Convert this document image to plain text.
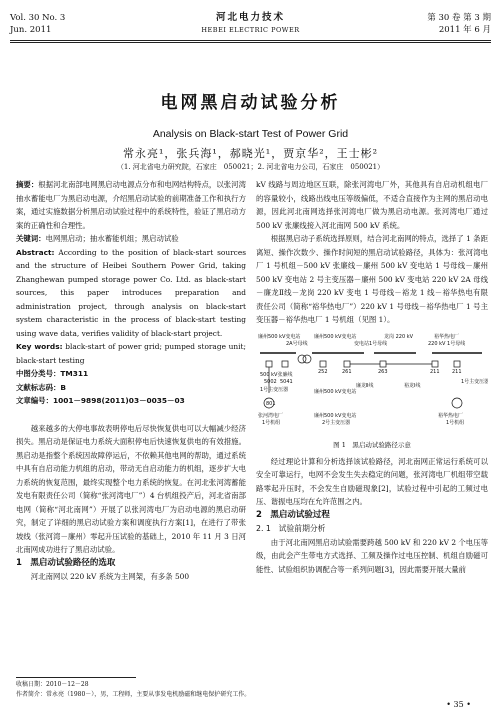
Vol. 30 No. 3
Jun. 2011
河北电力技术
HEBEI ELECTRIC POWER
第 30 卷 第 3 期
2011 年 6 月
电网黑启动试验分析
Analysis on Black-start Test of Power Grid
常永亮¹，张兵海¹，郝晓光¹，贾京华²，王士彬²
（1. 河北省电力研究院，石家庄　050021；2. 河北省电力公司，石家庄　050021）

摘要：根据河北南部电网黑启动电源点分布和电网结构特点，以张河湾抽水蓄能电厂为黑启动电源，介绍黑启动试验的前期准备工作和执行方案，通过实施数据分析黑启动试验过程中的系统特性，验证了黑启动方案的正确性和合理性。

关键词：电网黑启动；抽水蓄能机组；黑启动试验

Abstract: According to the position of black-start sources and the structure of Heibei Southern Power Grid, taking Zhanghewan pumped storage power Co. Ltd. as black-start sources, this paper introduces preparation and administration project, through analysis on black-start system characteristic in the process of black-start testing using wave data, verifies validity of black-start project.

Key words: black-start of power grid; pumped storage unit; black-start testing

中图分类号：TM311

文献标志码：B

文章编号：1001－9898(2011)03－0035－03

越来越多的大停电事故表明停电后尽快恢复供电可以大幅减少经济损失。黑启动是保证电力系统大面积停电后快速恢复供电的有效措施。黑启动是指整个系统因故障停运后，不依赖其他电网的帮助，通过系统中具有自启动能力机组的启动，带动无自启动能力的机组，逐步扩大电力系统的恢复范围，最终实现整个电力系统的恢复。在河北张河湾蓄能发电有限责任公司（简称“张河湾电厂”）4 台机组投产后，河北省南部电网（简称“河北南网”）开展了以张河湾电厂为启动电源的黑启动研究，制定了详细的黑启动试验方案和调度执行方案[1]，在进行了带张坡线（张河湾－廉州）零起升压试验的基础上，2010 年 11 月 3 日河北南网成功进行了黑启动试验。

1　黑启动试验路径的选取

河北南网以 220 kV 系统为主网架，有多条 500

kV 线路与周边地区互联，除张河湾电厂外，其他具有自启动机组电厂的容量较小，线路出线电压等级偏低，不适合直接作为主网的黑启动电源，因此河北南网选择张河湾电厂做为黑启动电源。张河湾电厂通过 500 kV 张廉线接入河北南网 500 kV 系统。

根据黑启动子系统选择原则，结合河北南网的特点，选择了 1 条距离短、操作次数少、操作时间短的黑启动试验路径，具体为：张河湾电厂 1 号机组－500 kV 张廉线－廉州 500 kV 变电站 1 号母线－廉州 500 kV 变电站 2 号主变压器－廉州 500 kV 变电站 220 kV 2A 母线－廉龙Ⅱ线－龙岗 220 kV 变电 1 号母线－裕龙 1 线－裕华热电有限责任公司（简称“裕华热电厂”）220 kV 1 号母线－裕华热电厂 1 号主变压器－裕华热电厂 1 号机组（见图 1）。

廉州500 kV变电站	廉州500 kV变电站	龙岗 220 kV	裕华热电厂
2A号母线	变电站1号母线	220 kV 1号母线
500 kV张廉线
5002 5041
252	261	263	211 211
1号主变压器	廉州500 kV变电站
廉龙Ⅱ线	裕龙Ⅰ线
1号主变压器
801
张河湾电厂
1号机组
廉州500 kV变电站
2号主变压器
裕华热电厂
1号机组
图 1　黑启动试验路径示意

经过理论计算和分析选择该试验路径，河北南网正常运行系统可以安全可靠运行，电网不会发生失去稳定的问题，张河湾电厂机组带空载路零起升压时，不会发生自励磁现象[2]，试验过程中引起的工频过电压、谐振电压均在允许范围之内。

2　黑启动试验过程

2. 1　试验前期分析

由于河北南网黑启动试验需要跨越 500 kV 和 220 kV 2 个电压等级，由此会产生带电方式选择、工频及操作过电压控制、机组自励磁可能性、试验组织协调配合等一系列问题[3]，因此需要开展大量前

收稿日期：2010－12－28
作者简介：常永亮（1980－），男，工程师，主要从事发电机励磁和继电保护研究工作。
• 35 •
